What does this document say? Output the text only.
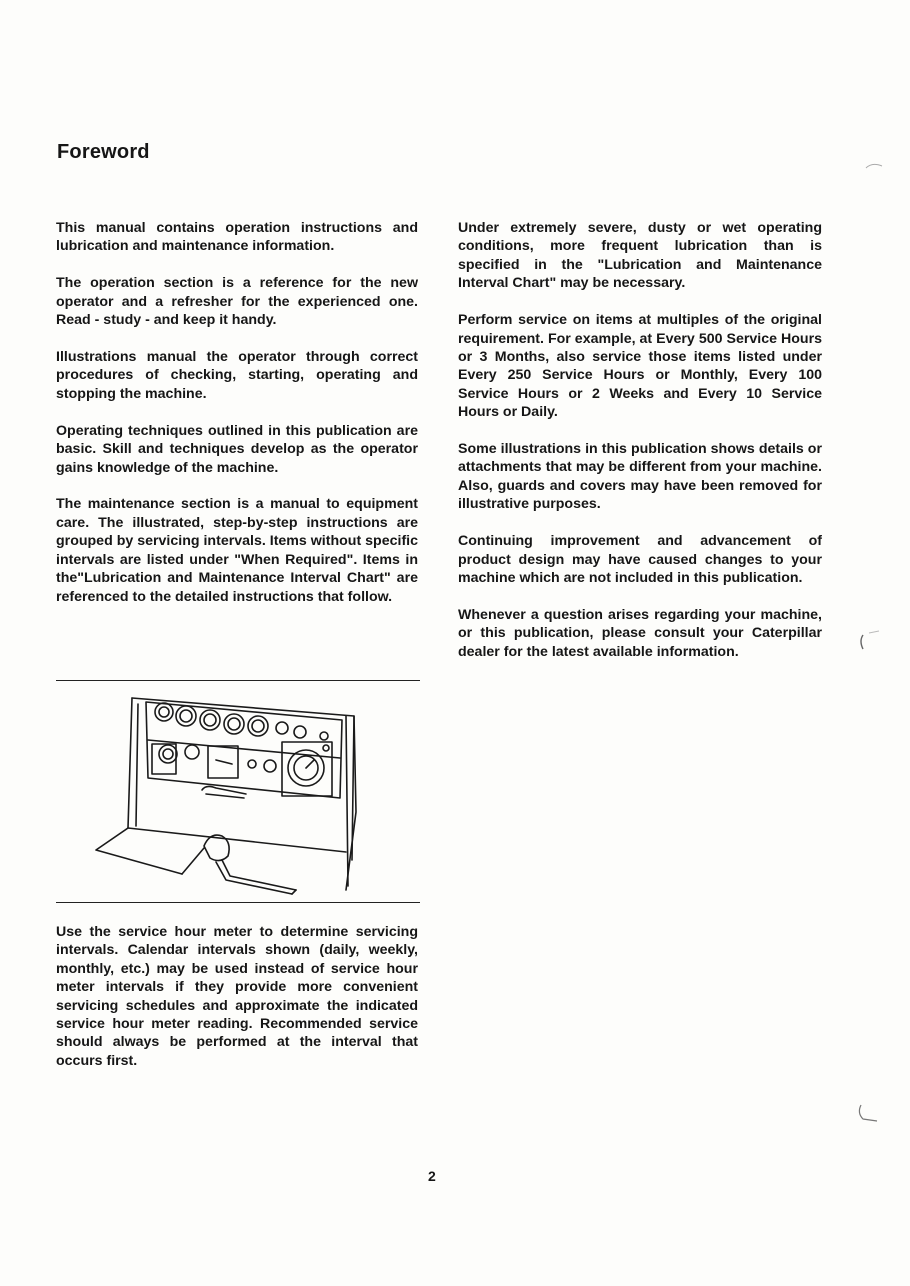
Foreword

This manual contains operation instructions and lubrication and maintenance information.

The operation section is a reference for the new operator and a refresher for the experienced one. Read - study - and keep it handy.

Illustrations manual the operator through correct procedures of checking, starting, operating and stopping the machine.

Operating techniques outlined in this publication are basic. Skill and techniques develop as the operator gains knowledge of the machine.

The maintenance section is a manual to equipment care. The illustrated, step-by-step instructions are grouped by servicing intervals. Items without specific intervals are listed under "When Required". Items in the"Lubrication and Maintenance Interval Chart" are referenced to the detailed instructions that follow.

Use the service hour meter to determine servicing intervals. Calendar intervals shown (daily, weekly, monthly, etc.) may be used instead of service hour meter intervals if they provide more convenient servicing schedules and approximate the indicated service hour meter reading. Recommended service should always be performed at the interval that occurs first.

Under extremely severe, dusty or wet operating conditions, more frequent lubrication than is specified in the "Lubrication and Maintenance Interval Chart" may be necessary.

Perform service on items at multiples of the original requirement. For example, at Every 500 Service Hours or 3 Months, also service those items listed under Every 250 Service Hours or Monthly, Every 100 Service Hours or 2 Weeks and Every 10 Service Hours or Daily.

Some illustrations in this publication shows details or attachments that may be different from your machine. Also, guards and covers may have been removed for illustrative purposes.

Continuing improvement and advancement of product design may have caused changes to your machine which are not included in this publication.

Whenever a question arises regarding your machine, or this publication, please consult your Caterpillar dealer for the latest available information.

2
